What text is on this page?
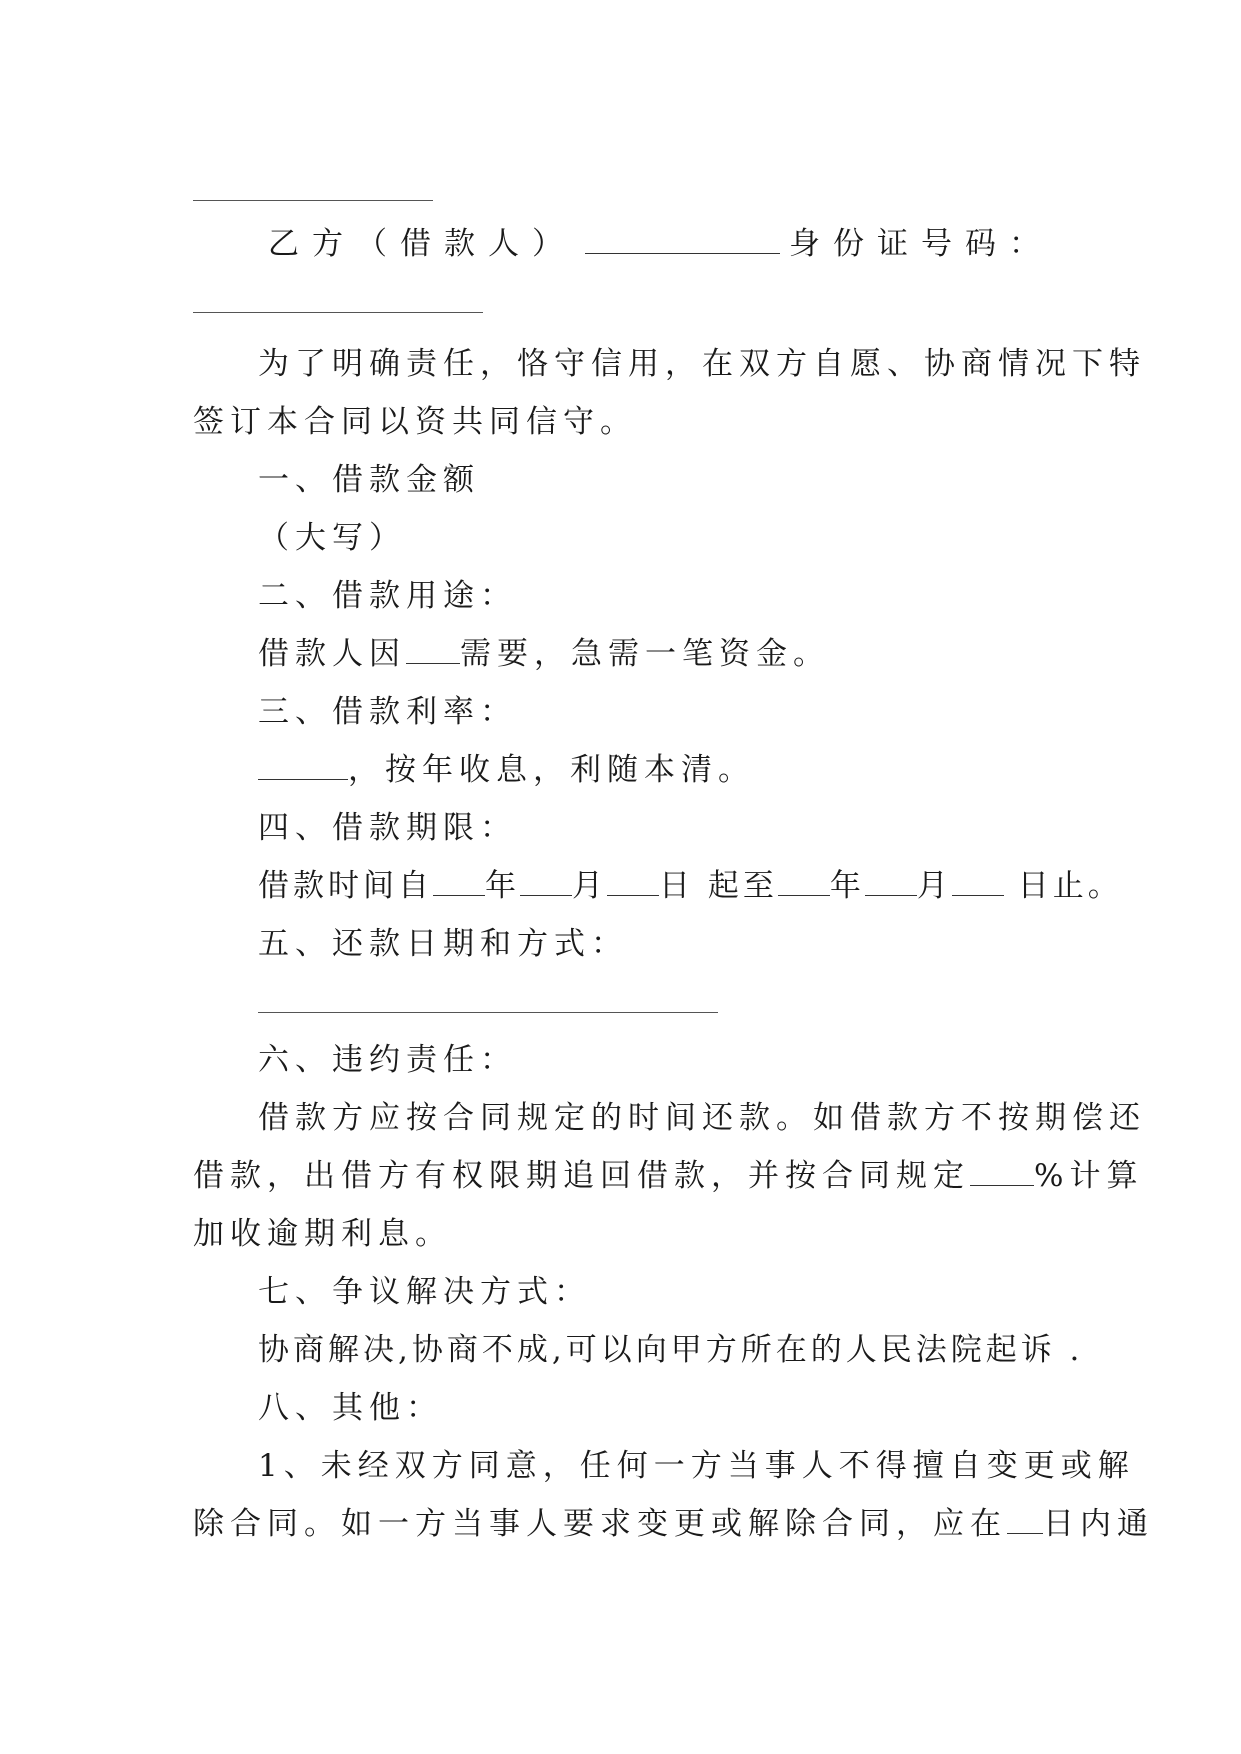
乙方（借款人）	身份证号码：
为了明确责任，恪守信用，在双方自愿、协商情况下特
签订本合同以资共同信守。
一、借款金额
（大写）
二、借款用途：
借款人因 需要，急需一笔资金。
三、借款利率：
，按年收息，利随本清。
四、借款期限：
借款时间自 年 月 日 起至 年 月 日止。
五、还款日期和方式：
六、违约责任：
借款方应按合同规定的时间还款。如借款方不按期偿还
借款，出借方有权限期追回借款，并按合同规定 %计算
加收逾期利息。
七、争议解决方式：
协商解决,协商不成,可以向甲方所在的人民法院起诉 .
八、其他：
1、未经双方同意，任何一方当事人不得擅自变更或解
除合同。如一方当事人要求变更或解除合同，应在 日内通
